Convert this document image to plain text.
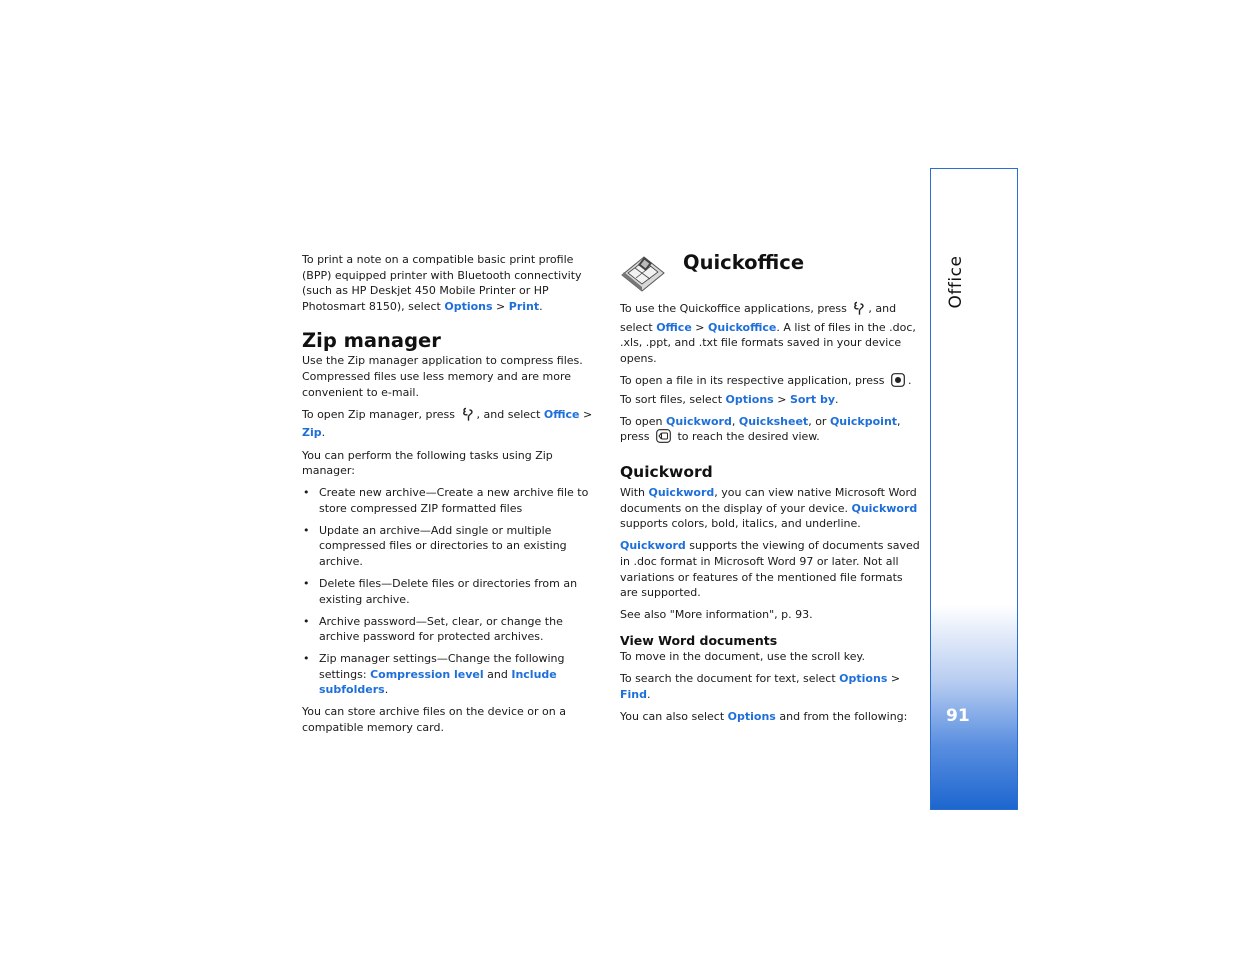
To print a note on a compatible basic print profile (BPP) equipped printer with Bluetooth connectivity (such as HP Deskjet 450 Mobile Printer or HP Photosmart 8150), select Options > Print.

Zip manager

Use the Zip manager application to compress files. Compressed files use less memory and are more convenient to e-mail.

To open Zip manager, press , and select Office > Zip.

You can perform the following tasks using Zip manager:

• Create new archive—Create a new archive file to store compressed ZIP formatted files
• Update an archive—Add single or multiple compressed files or directories to an existing archive.
• Delete files—Delete files or directories from an existing archive.
• Archive password—Set, clear, or change the archive password for protected archives.
• Zip manager settings—Change the following settings: Compression level and Include subfolders.

You can store archive files on the device or on a compatible memory card.

Quickoffice

To use the Quickoffice applications, press , and select Office > Quickoffice. A list of files in the .doc, .xls, .ppt, and .txt file formats saved in your device opens.

To open a file in its respective application, press . To sort files, select Options > Sort by.

To open Quickword, Quicksheet, or Quickpoint, press  to reach the desired view.

Quickword

With Quickword, you can view native Microsoft Word documents on the display of your device. Quickword supports colors, bold, italics, and underline.

Quickword supports the viewing of documents saved in .doc format in Microsoft Word 97 or later. Not all variations or features of the mentioned file formats are supported.

See also "More information", p. 93.

View Word documents

To move in the document, use the scroll key.

To search the document for text, select Options > Find.

You can also select Options and from the following:

Office
91
